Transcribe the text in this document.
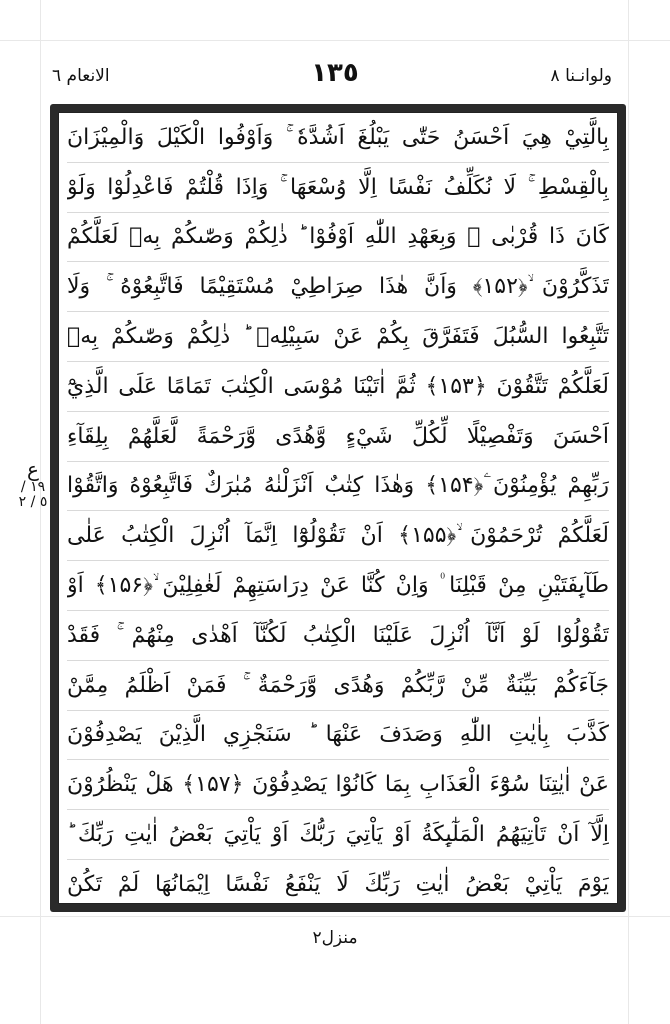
الانعام ٦	١٣٥	ولوانـنا ٨
ع
١٩ / ٥ / ٢
بِالَّتِيْ هِيَ اَحْسَنُ حَتّٰى يَبْلُغَ اَشُدَّهٗ ۚ وَاَوْفُوا الْكَيْلَ وَالْمِيْزَانَ
بِالْقِسْطِ ۚ لَا نُكَلِّفُ نَفْسًا اِلَّا وُسْعَهَا ۚ وَاِذَا قُلْتُمْ فَاعْدِلُوْا وَلَوْ
كَانَ ذَا قُرْبٰى ۚ وَبِعَهْدِ اللّٰهِ اَوْفُوْا ؕ ذٰلِكُمْ وَصّٰىكُمْ بِهٖ لَعَلَّكُمْ
تَذَكَّرُوْنَ ۙ﴿۱۵۲﴾ وَاَنَّ هٰذَا صِرَاطِيْ مُسْتَقِيْمًا فَاتَّبِعُوْهُ ۚ وَلَا
تَتَّبِعُوا السُّبُلَ فَتَفَرَّقَ بِكُمْ عَنْ سَبِيْلِهٖ ؕ ذٰلِكُمْ وَصّٰىكُمْ بِهٖ
لَعَلَّكُمْ تَتَّقُوْنَ ﴿۱۵۳﴾ ثُمَّ اٰتَيْنَا مُوْسَى الْكِتٰبَ تَمَامًا عَلَى الَّذِيْٓ
اَحْسَنَ وَتَفْصِيْلًا لِّكُلِّ شَيْءٍ وَّهُدًى وَّرَحْمَةً لَّعَلَّهُمْ بِلِقَآءِ
رَبِّهِمْ يُؤْمِنُوْنَ ۧ﴿۱۵۴﴾ وَهٰذَا كِتٰبٌ اَنْزَلْنٰهُ مُبٰرَكٌ فَاتَّبِعُوْهُ وَاتَّقُوْا
لَعَلَّكُمْ تُرْحَمُوْنَ ۙ﴿۱۵۵﴾ اَنْ تَقُوْلُوْٓا اِنَّمَآ اُنْزِلَ الْكِتٰبُ عَلٰى
طَآىِٕفَتَيْنِ مِنْ قَبْلِنَا ۠ وَاِنْ كُنَّا عَنْ دِرَاسَتِهِمْ لَغٰفِلِيْنَ ۙ﴿۱۵۶﴾ اَوْ
تَقُوْلُوْا لَوْ اَنَّآ اُنْزِلَ عَلَيْنَا الْكِتٰبُ لَكُنَّآ اَهْدٰى مِنْهُمْ ۚ فَقَدْ
جَآءَكُمْ بَيِّنَةٌ مِّنْ رَّبِّكُمْ وَهُدًى وَّرَحْمَةٌ ۚ فَمَنْ اَظْلَمُ مِمَّنْ
كَذَّبَ بِاٰيٰتِ اللّٰهِ وَصَدَفَ عَنْهَا ؕ سَنَجْزِي الَّذِيْنَ يَصْدِفُوْنَ
عَنْ اٰيٰتِنَا سُوْٓءَ الْعَذَابِ بِمَا كَانُوْا يَصْدِفُوْنَ ﴿۱۵۷﴾ هَلْ يَنْظُرُوْنَ
اِلَّآ اَنْ تَاْتِيَهُمُ الْمَلٰٓىِٕكَةُ اَوْ يَاْتِيَ رَبُّكَ اَوْ يَاْتِيَ بَعْضُ اٰيٰتِ رَبِّكَ ؕ
يَوْمَ يَاْتِيْ بَعْضُ اٰيٰتِ رَبِّكَ لَا يَنْفَعُ نَفْسًا اِيْمَانُهَا لَمْ تَكُنْ
منزل٢
